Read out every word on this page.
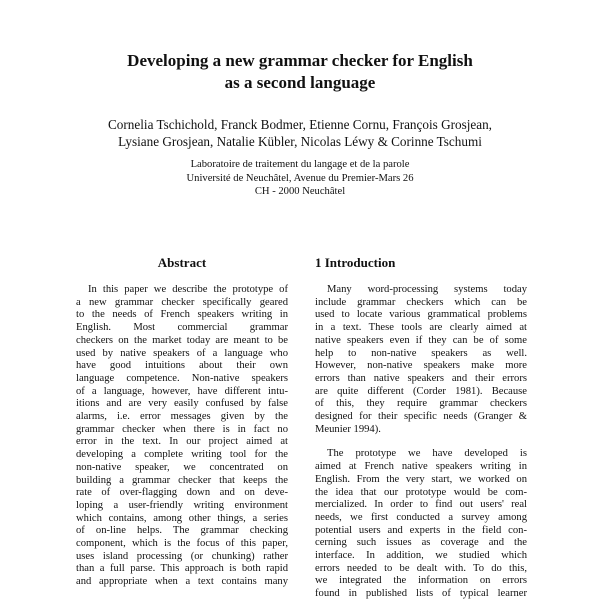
Developing a new grammar checker for English
as a second language
Cornelia Tschichold, Franck Bodmer, Etienne Cornu, François Grosjean,
Lysiane Grosjean, Natalie Kübler, Nicolas Léwy & Corinne Tschumi
Laboratoire de traitement du langage et de la parole
Université de Neuchâtel, Avenue du Premier-Mars 26
CH - 2000 Neuchâtel
Abstract
In this paper we describe the prototype of
a new grammar checker specifically geared
to the needs of French speakers writing in
English. Most commercial grammar
checkers on the market today are meant to be
used by native speakers of a language who
have good intuitions about their own
language competence. Non-native speakers
of a language, however, have different intu-
itions and are very easily confused by false
alarms, i.e. error messages given by the
grammar checker when there is in fact no
error in the text. In our project aimed at
developing a complete writing tool for the
non-native speaker, we concentrated on
building a grammar checker that keeps the
rate of over-flagging down and on deve-
loping a user-friendly writing environment
which contains, among other things, a series
of on-line helps. The grammar checking
component, which is the focus of this paper,
uses island processing (or chunking) rather
than a full parse. This approach is both rapid
and appropriate when a text contains many
1 Introduction
Many word-processing systems today
include grammar checkers which can be
used to locate various grammatical problems
in a text. These tools are clearly aimed at
native speakers even if they can be of some
help to non-native speakers as well.
However, non-native speakers make more
errors than native speakers and their errors
are quite different (Corder 1981). Because
of this, they require grammar checkers
designed for their specific needs (Granger &
Meunier 1994).
The prototype we have developed is
aimed at French native speakers writing in
English. From the very start, we worked on
the idea that our prototype would be com-
mercialized. In order to find out users' real
needs, we first conducted a survey among
potential users and experts in the field con-
cerning such issues as coverage and the
interface. In addition, we studied which
errors needed to be dealt with. To do this,
we integrated the information on errors
found in published lists of typical learner
